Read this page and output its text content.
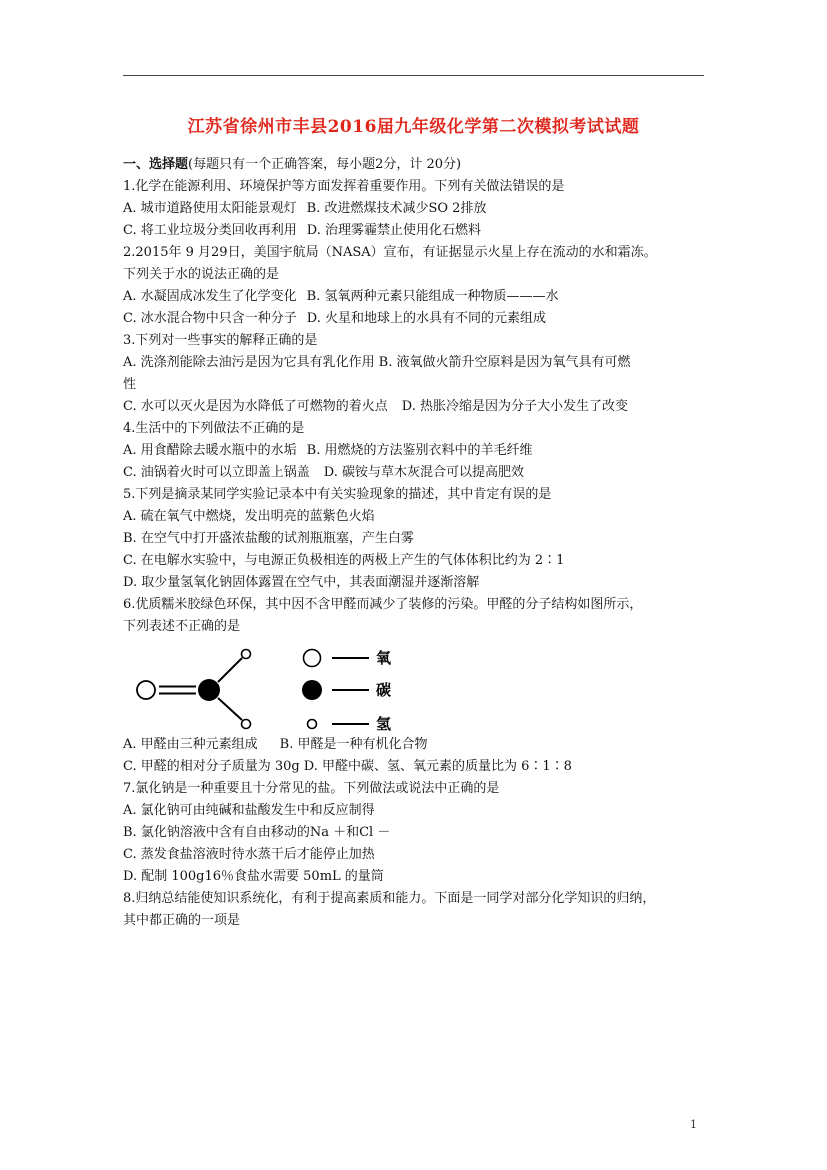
江苏省徐州市丰县2016届九年级化学第二次模拟考试试题
一、选择题(每题只有一个正确答案，每小题2分，计 20分)
1.化学在能源利用、环境保护等方面发挥着重要作用。下列有关做法错误的是
A. 城市道路使用太阳能景观灯 B. 改进燃煤技术减少SO 2排放
C. 将工业垃圾分类回收再利用 D. 治理雾霾禁止使用化石燃料
2.2015年 9 月29日，美国宇航局（NASA）宣布，有证据显示火星上存在流动的水和霜冻。
下列关于水的说法正确的是
A. 水凝固成冰发生了化学变化 B. 氢氧两种元素只能组成一种物质———水
C. 冰水混合物中只含一种分子 D. 火星和地球上的水具有不同的元素组成
3.下列对一些事实的解释正确的是
A. 洗涤剂能除去油污是因为它具有乳化作用 B. 液氧做火箭升空原料是因为氧气具有可燃
性
C. 水可以灭火是因为水降低了可燃物的着火点 D. 热胀冷缩是因为分子大小发生了改变
4.生活中的下列做法不正确的是
A. 用食醋除去暖水瓶中的水垢 B. 用燃烧的方法鉴别衣料中的羊毛纤维
C. 油锅着火时可以立即盖上锅盖 D. 碳铵与草木灰混合可以提高肥效
5.下列是摘录某同学实验记录本中有关实验现象的描述，其中肯定有误的是
A. 硫在氧气中燃烧，发出明亮的蓝紫色火焰
B. 在空气中打开盛浓盐酸的试剂瓶瓶塞，产生白雾
C. 在电解水实验中，与电源正负极相连的两极上产生的气体体积比约为 2∶1
D. 取少量氢氧化钠固体露置在空气中，其表面潮湿并逐渐溶解
6.优质糯米胶绿色环保，其中因不含甲醛而减少了装修的污染。甲醛的分子结构如图所示，
下列表述不正确的是
氧
碳
氢
A. 甲醛由三种元素组成 B. 甲醛是一种有机化合物
C. 甲醛的相对分子质量为 30g D. 甲醛中碳、氢、氧元素的质量比为 6∶1∶8
7.氯化钠是一种重要且十分常见的盐。下列做法或说法中正确的是
A. 氯化钠可由纯碱和盐酸发生中和反应制得
B. 氯化钠溶液中含有自由移动的Na ＋和Cl －
C. 蒸发食盐溶液时待水蒸干后才能停止加热
D. 配制 100g16％食盐水需要 50mL 的量筒
8.归纳总结能使知识系统化，有利于提高素质和能力。下面是一同学对部分化学知识的归纳，
其中都正确的一项是
1
